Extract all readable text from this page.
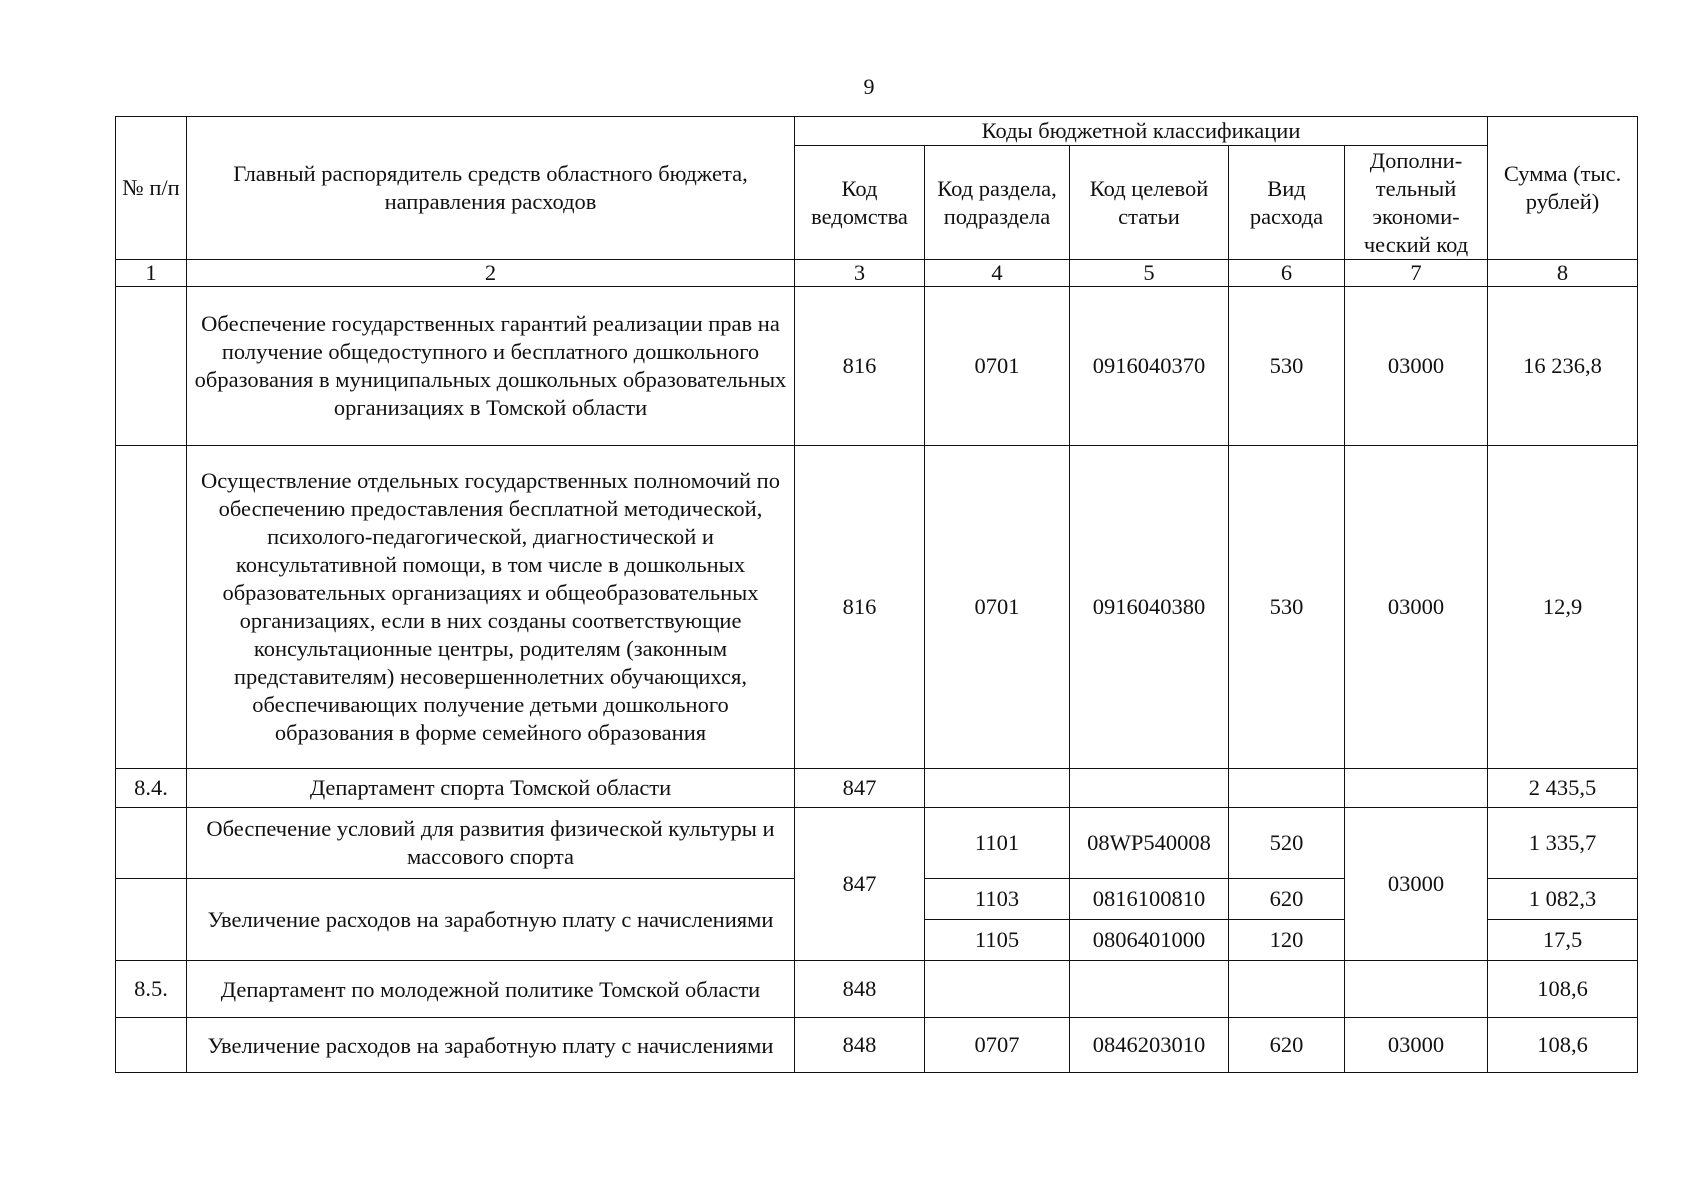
9
№ п/п	Главный распорядитель средств областного бюджета, направления расходов	Коды бюджетной классификации					Сумма (тыс. рублей)
		Код ведомства	Код раздела, подраздела	Код целевой статьи	Вид расхода	Дополни-тельный экономи-ческий код	
1	2	3	4	5	6	7	8
	Обеспечение государственных гарантий реализации прав на получение общедоступного и бесплатного дошкольного образования в муниципальных дошкольных образовательных организациях в Томской области	816	0701	0916040370	530	03000	16 236,8
	Осуществление отдельных государственных полномочий по обеспечению предоставления бесплатной методической, психолого-педагогической, диагностической и консультативной помощи, в том числе в дошкольных образовательных организациях и общеобразовательных организациях, если в них созданы соответствующие консультационные центры, родителям (законным представителям) несовершеннолетних обучающихся, обеспечивающих получение детьми дошкольного образования в форме семейного образования	816	0701	0916040380	530	03000	12,9
8.4.	Департамент спорта Томской области	847					2 435,5
	Обеспечение условий для развития физической культуры и массового спорта	847	1101	08WP540008	520	03000	1 335,7
	Увеличение расходов на заработную плату с начислениями		1103	0816100810	620		1 082,3
			1105	0806401000	120		17,5
8.5.	Департамент по молодежной политике Томской области	848					108,6
	Увеличение расходов на заработную плату с начислениями	848	0707	0846203010	620	03000	108,6
